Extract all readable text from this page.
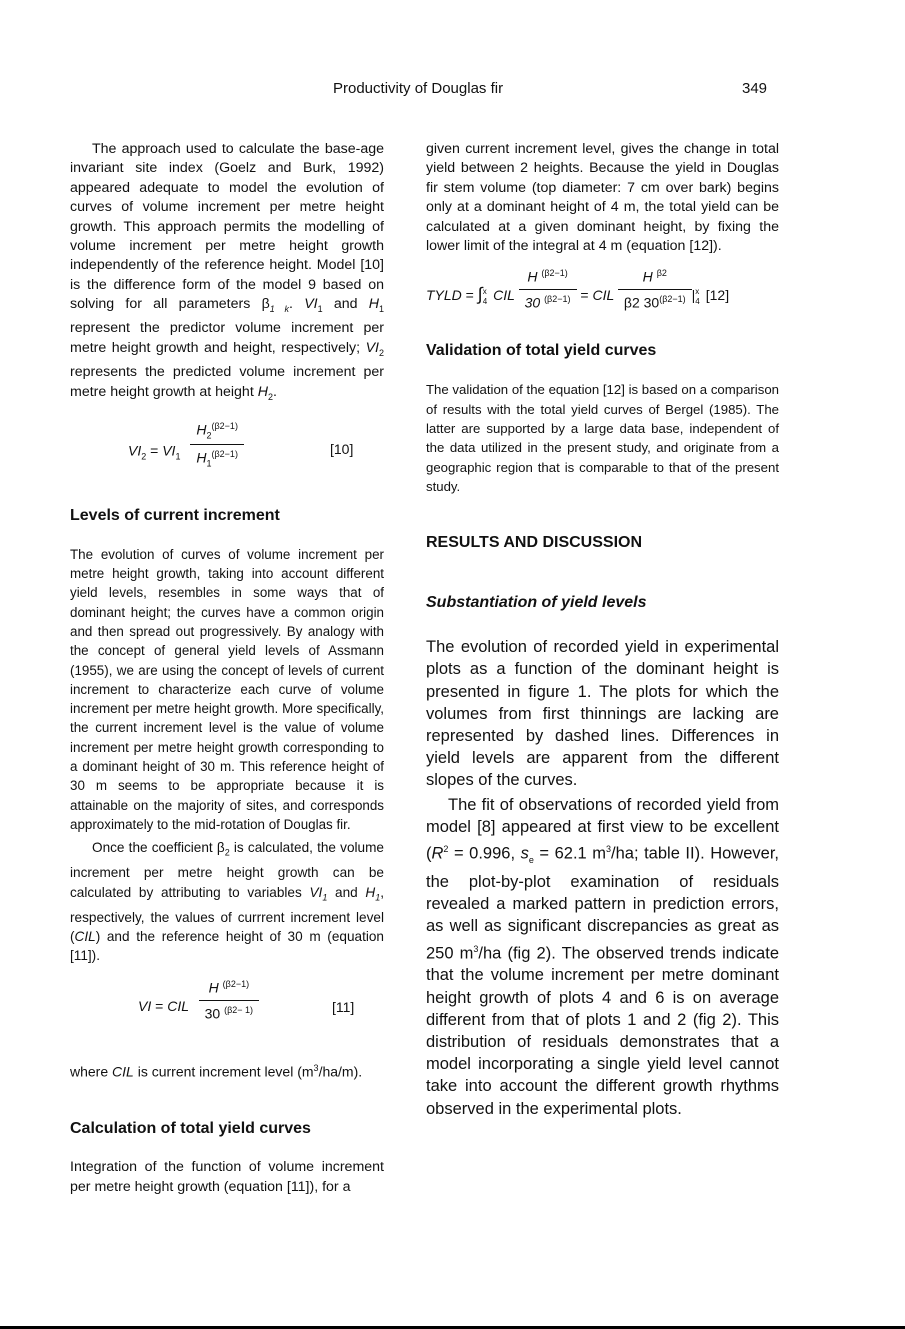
Productivity of Douglas fir	349

The approach used to calculate the base-age invariant site index (Goelz and Burk, 1992) appeared adequate to model the evolution of curves of volume increment per metre height growth. This approach permits the modelling of volume increment per metre height growth independently of the reference height. Model [10] is the difference form of the model 9 based on solving for all parameters $\beta_{1 k}$. $VI_1$ and $H_1$ represent the predictor volume increment per metre height growth and height, respectively; $VI_2$ represents the predicted volume increment per metre height growth at height $H_2$.

$VI_2 = VI_1 \frac{H_2^{(\beta 2-1)}}{H_1^{(\beta 2-1)}}$	[10]
Levels of current increment

The evolution of curves of volume increment per metre height growth, taking into account different yield levels, resembles in some ways that of dominant height; the curves have a common origin and then spread out progressively. By analogy with the concept of general yield levels of Assmann (1955), we are using the concept of levels of current increment to characterize each curve of volume increment per metre height growth. More specifically, the current increment level is the value of volume increment per metre height growth corresponding to a dominant height of 30 m. This reference height of 30 m seems to be appropriate because it is attainable on the majority of sites, and corresponds approximately to the mid-rotation of Douglas fir.

Once the coefficient $\beta_2$ is calculated, the volume increment per metre height growth can be calculated by attributing to variables $VI_1$ and $H_1$, respectively, the values of currrent increment level (CIL) and the reference height of 30 m (equation [11]).

VI = CIL $\frac{H ^{(\beta 2-1)}}{30 ^{(\beta 2- 1)}}$	[11]

where CIL is current increment level $(m^3/ha/m)$.

Calculation of total yield curves

Integration of the function of volume increment per metre height growth (equation [11]), for a

given current increment level, gives the change in total yield between 2 heights. Because the yield in Douglas fir stem volume (top diameter: 7 cm over bark) begins only at a dominant height of 4 m, the total yield can be calculated at a given dominant height, by fixing the lower limit of the integral at 4 m (equation [12]).

TYLD = ∫ x
4 CIL $\frac{H ^{(\beta 2-1)}}{30 ^{(\beta 2-1)}}$ = CIL $\frac{H ^{\beta 2}}{\beta 2 30^{(\beta 2-1)}}$ | x
4 [12]
Validation of total yield curves

The validation of the equation [12] is based on a comparison of results with the total yield curves of Bergel (1985). The latter are supported by a large data base, independent of the data utilized in the present study, and originate from a geographic region that is comparable to that of the present study.

RESULTS AND DISCUSSION
Substantiation of yield levels

The evolution of recorded yield in experimental plots as a function of the dominant height is presented in figure 1. The plots for which the volumes from first thinnings are lacking are represented by dashed lines. Differences in yield levels are apparent from the different slopes of the curves.

The fit of observations of recorded yield from model [8] appeared at first view to be excellent ($R^2 = 0.996$, $s_e = 62.1$ $m^3/ha$; table II). However, the plot-by-plot examination of residuals revealed a marked pattern in prediction errors, as well as significant discrepancies as great as 250 $m^3/ha$ (fig 2). The observed trends indicate that the volume increment per metre dominant height growth of plots 4 and 6 is on average different from that of plots 1 and 2 (fig 2). This distribution of residuals demonstrates that a model incorporating a single yield level cannot take into account the different growth rhythms observed in the experimental plots.
